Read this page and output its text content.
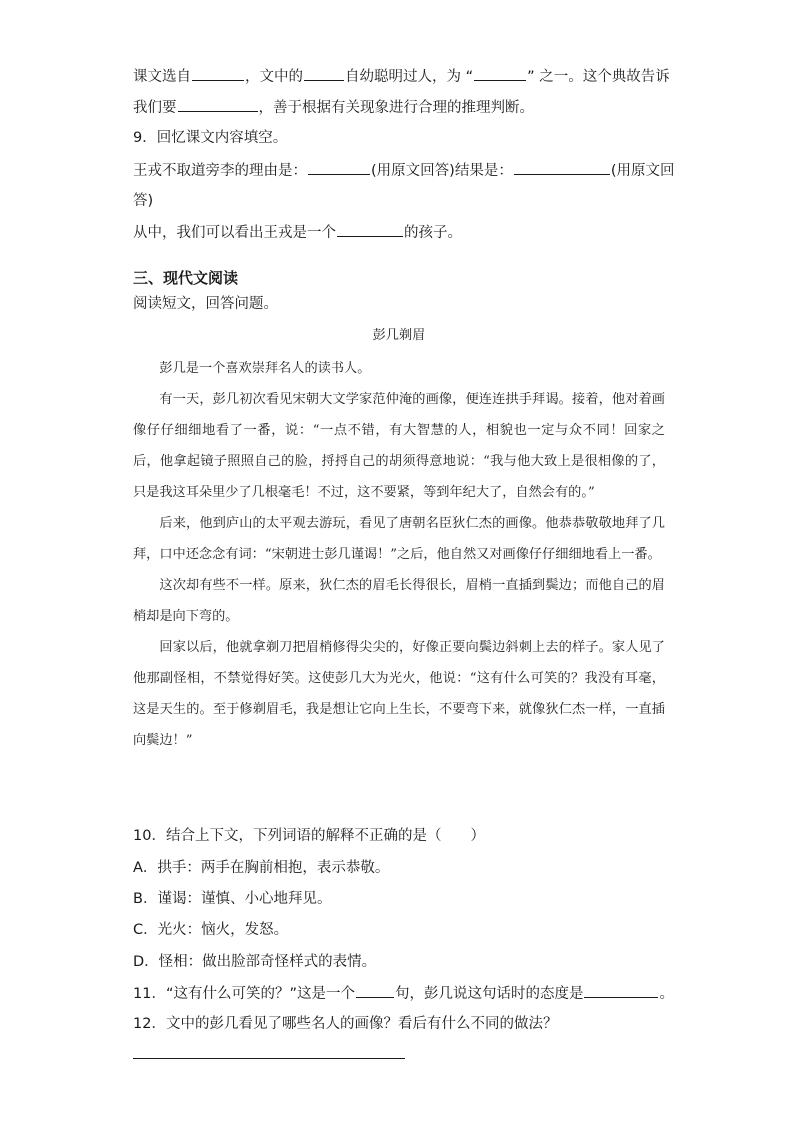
课文选自	，文中的	自幼聪明过人，为 “	” 之一。这个典故告诉
我们要	，善于根据有关现象进行合理的推理判断。
9．回忆课文内容填空。
王戎不取道旁李的理由是：	(用原文回答)结果是：	(用原文回
答)
从中，我们可以看出王戎是一个	的孩子。
三、现代文阅读
阅读短文，回答问题。

彭几剃眉

彭几是一个喜欢崇拜名人的读书人。

有一天，彭几初次看见宋朝大文学家范仲淹的画像，便连连拱手拜谒。接着，他对着画像仔仔细细地看了一番，说：“一点不错，有大智慧的人，相貌也一定与众不同！回家之后，他拿起镜子照照自己的脸，捋捋自己的胡须得意地说：“我与他大致上是很相像的了，只是我这耳朵里少了几根毫毛！不过，这不要紧，等到年纪大了，自然会有的。”

后来，他到庐山的太平观去游玩，看见了唐朝名臣狄仁杰的画像。他恭恭敬敬地拜了几拜，口中还念念有词：“宋朝进士彭几谨谒！”之后，他自然又对画像仔仔细细地看上一番。

这次却有些不一样。原来，狄仁杰的眉毛长得很长，眉梢一直插到鬓边；而他自己的眉梢却是向下弯的。

回家以后，他就拿剃刀把眉梢修得尖尖的，好像正要向鬓边斜刺上去的样子。家人见了他那副怪相，不禁觉得好笑。这使彭几大为光火，他说：“这有什么可笑的？我没有耳毫，这是天生的。至于修剃眉毛，我是想让它向上生长，不要弯下来，就像狄仁杰一样，一直插向鬓边！”

10．结合上下文，下列词语的解释不正确的是（　　）
A．拱手：两手在胸前相抱，表示恭敬。
B．谨谒：谨慎、小心地拜见。
C．光火：恼火，发怒。
D．怪相：做出脸部奇怪样式的表情。
11．“这有什么可笑的？”这是一个	句，彭几说这句话时的态度是	。
12．文中的彭几看见了哪些名人的画像？看后有什么不同的做法？
